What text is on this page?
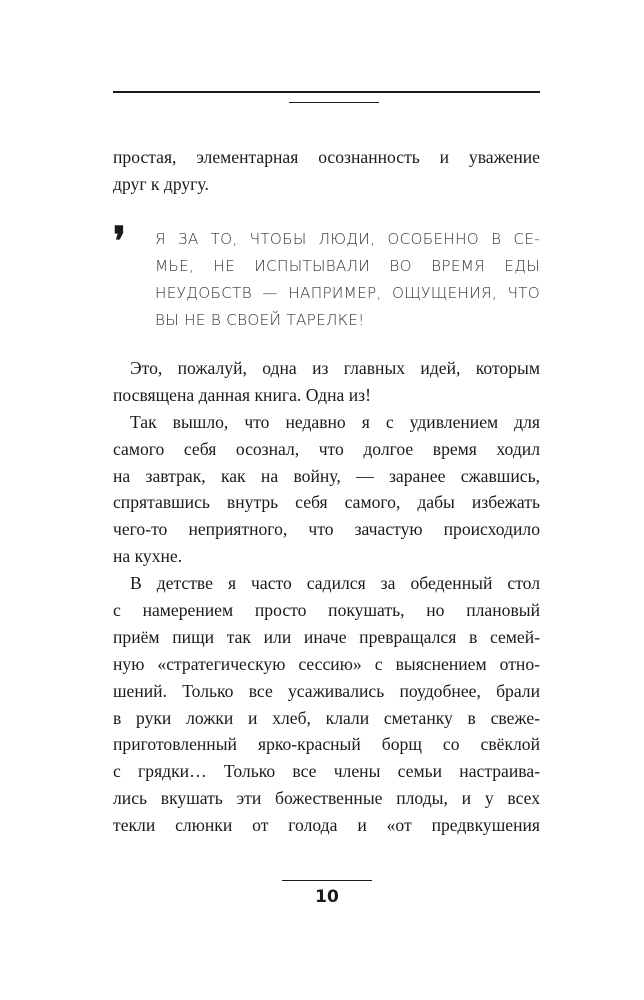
простая, элементарная осознанность и уважение
друг к другу.
❜ Я ЗА ТО, ЧТОБЫ ЛЮДИ, ОСОБЕННО В СЕ-
МЬЕ, НЕ ИСПЫТЫВАЛИ ВО ВРЕМЯ ЕДЫ
НЕУДОБСТВ — НАПРИМЕР, ОЩУЩЕНИЯ, ЧТО
ВЫ НЕ В СВОЕЙ ТАРЕЛКЕ!
Это, пожалуй, одна из главных идей, которым
посвящена данная книга. Одна из!
Так вышло, что недавно я с удивлением для
самого себя осознал, что долгое время ходил
на завтрак, как на войну, — заранее сжавшись,
спрятавшись внутрь себя самого, дабы избежать
чего-то неприятного, что зачастую происходило
на кухне.
В детстве я часто садился за обеденный стол
с намерением просто покушать, но плановый
приём пищи так или иначе превращался в семей-
ную «стратегическую сессию» с выяснением отно-
шений. Только все усаживались поудобнее, брали
в руки ложки и хлеб, клали сметанку в свеже-
приготовленный ярко-красный борщ со свёклой
с грядки… Только все члены семьи настраива-
лись вкушать эти божественные плоды, и у всех
текли слюнки от голода и «от предвкушения
10
